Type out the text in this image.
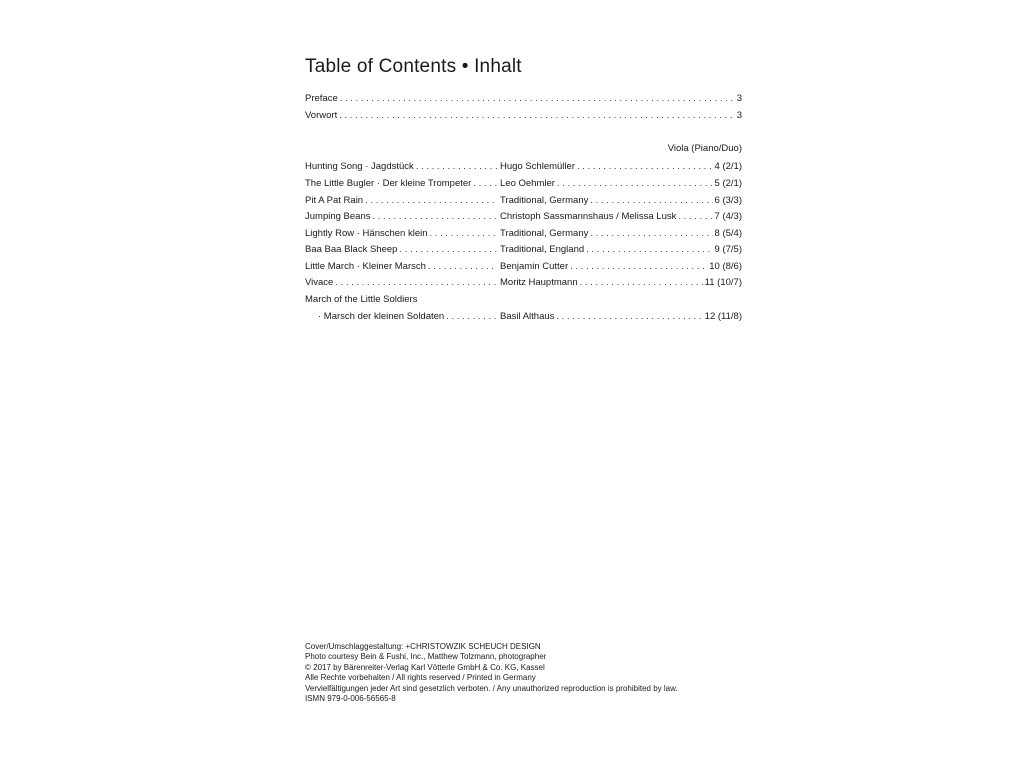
Table of Contents • Inhalt
Preface . . .	3
Vorwort . . .	3
Viola (Piano/Duo)
Hunting Song · Jagdstück . . .	Hugo Schlemüller . . .	4 (2/1)
The Little Bugler · Der kleine Trompeter . . .	Leo Oehmler . . .	5 (2/1)
Pit A Pat Rain . . .	Traditional, Germany . . .	6 (3/3)
Jumping Beans . . .	Christoph Sassmannshaus / Melissa Lusk . . .	7 (4/3)
Lightly Row · Hänschen klein . . .	Traditional, Germany . . .	8 (5/4)
Baa Baa Black Sheep . . .	Traditional, England . . .	9 (7/5)
Little March · Kleiner Marsch . . .	Benjamin Cutter . . .	10 (8/6)
Vivace . . .	Moritz Hauptmann . . .	11 (10/7)
March of the Little Soldiers
· Marsch der kleinen Soldaten . . .	Basil Althaus . . .	12 (11/8)
Cover/Umschlaggestaltung: +CHRISTOWZIK SCHEUCH DESIGN
Photo courtesy Bein & Fushi, Inc., Matthew Tolzmann, photographer
© 2017 by Bärenreiter-Verlag Karl Vötterle GmbH & Co. KG, Kassel
Alle Rechte vorbehalten / All rights reserved / Printed in Germany
Vervielfältigungen jeder Art sind gesetzlich verboten. / Any unauthorized reproduction is prohibited by law.
ISMN 979-0-006-56565-8
